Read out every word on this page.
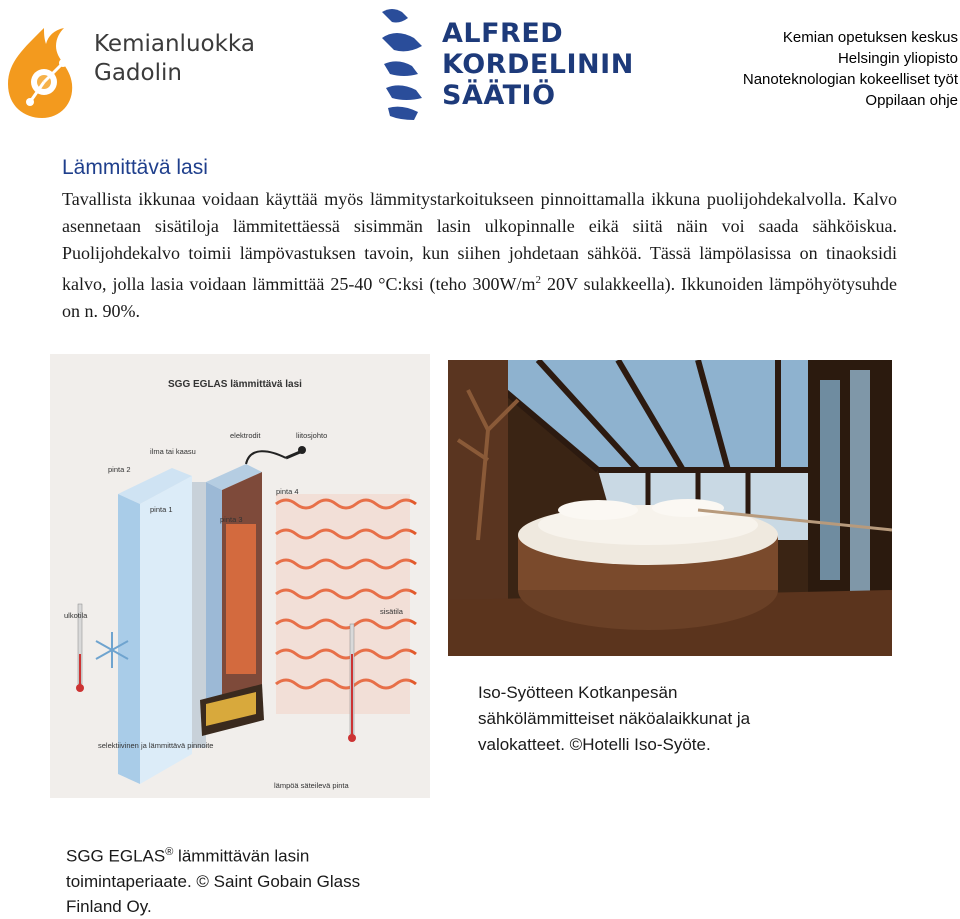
Kemianluokka
Gadolin
ALFRED
KORDELININ
SÄÄTIÖ
Kemian opetuksen keskus
Helsingin yliopisto
Nanoteknologian kokeelliset työt
Oppilaan ohje
Lämmittävä lasi
Tavallista ikkunaa voidaan käyttää myös lämmitystarkoitukseen pinnoittamalla ikkuna puolijohdekalvolla. Kalvo asennetaan sisätiloja lämmitettäessä sisimmän lasin ulkopinnalle eikä siitä näin voi saada sähköiskua. Puolijohdekalvo toimii lämpövastuksen tavoin, kun siihen johdetaan sähköä. Tässä lämpölasissa on tinaoksidi kalvo, jolla lasia voidaan lämmittää 25-40 °C:ksi (teho $300W/m^2$ 20V sulakkeella). Ikkunoiden lämpöhyötysuhde on n. 90%.
SGG EGLAS lämmittävä lasi
elektrodit	liitosjohto
ilma tai kaasu
pinta 2
pinta 4
pinta 1
pinta 3
ulkotila	sisätila
selektiivinen ja lämmittävä pinnoite
lämpöä säteilevä pinta
Iso-Syötteen Kotkanpesän sähkölämmitteiset näköalaikkunat ja valokatteet. ©Hotelli Iso-Syöte.
SGG EGLAS® lämmittävän lasin toimintaperiaate. © Saint Gobain Glass Finland Oy.
